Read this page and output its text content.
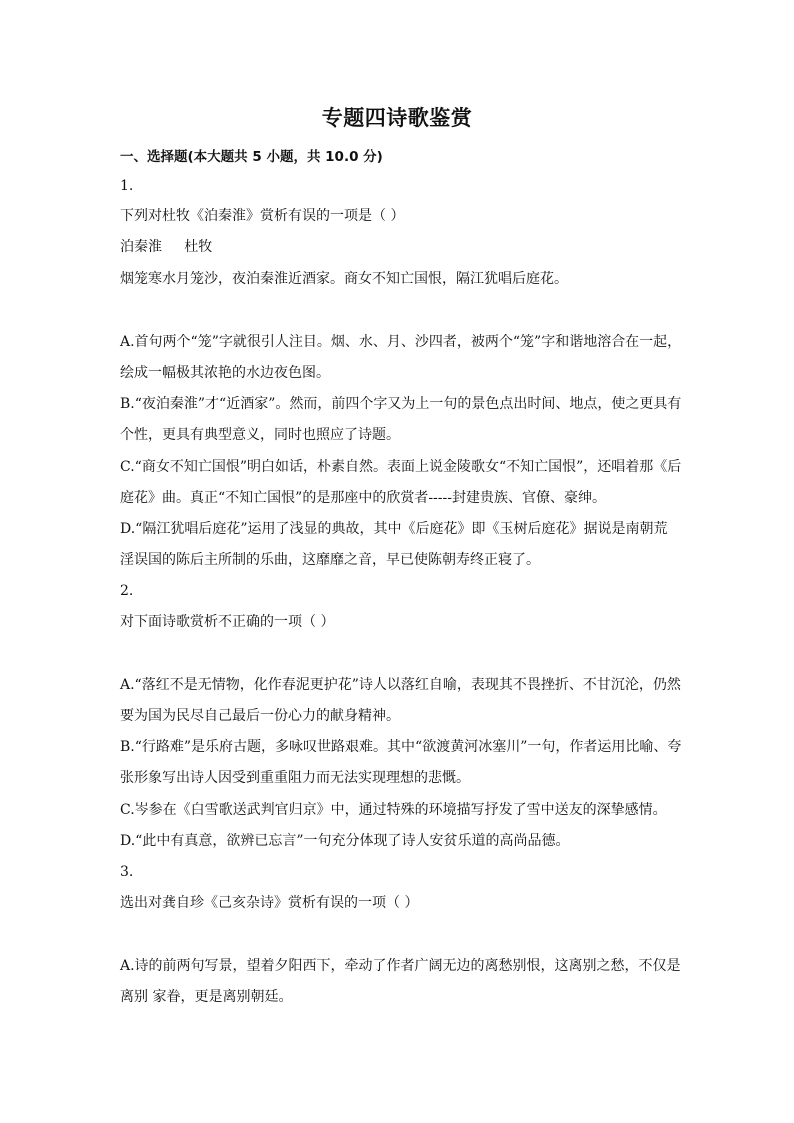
专题四诗歌鉴赏
一、选择题(本大题共 5 小题，共 10.0 分)
1.
下列对杜牧《泊秦淮》赏析有误的一项是（ ）
泊秦淮     杜牧
烟笼寒水月笼沙，夜泊秦淮近酒家。商女不知亡国恨，隔江犹唱后庭花。
A.首句两个“笼”字就很引人注目。烟、水、月、沙四者，被两个“笼”字和谐地溶合在一起，
绘成一幅极其浓艳的水边夜色图。
B.“夜泊秦淮”才“近酒家”。然而，前四个字又为上一句的景色点出时间、地点，使之更具有
个性，更具有典型意义，同时也照应了诗题。
C.“商女不知亡国恨”明白如话，朴素自然。表面上说金陵歌女“不知亡国恨”，还唱着那《后
庭花》曲。真正“不知亡国恨”的是那座中的欣赏者-----封建贵族、官僚、豪绅。
D.“隔江犹唱后庭花”运用了浅显的典故，其中《后庭花》即《玉树后庭花》据说是南朝荒
淫误国的陈后主所制的乐曲，这靡靡之音，早已使陈朝寿终正寝了。
2.
对下面诗歌赏析不正确的一项（ ）
A.“落红不是无情物，化作春泥更护花”诗人以落红自喻，表现其不畏挫折、不甘沉沦，仍然
要为国为民尽自己最后一份心力的献身精神。
B.“行路难”是乐府古题，多咏叹世路艰难。其中“欲渡黄河冰塞川”一句，作者运用比喻、夸
张形象写出诗人因受到重重阻力而无法实现理想的悲慨。
C.岑参在《白雪歌送武判官归京》中，通过特殊的环境描写抒发了雪中送友的深挚感情。
D.“此中有真意，欲辨已忘言”一句充分体现了诗人安贫乐道的高尚品德。
3.
选出对龚自珍《己亥杂诗》赏析有误的一项（ ）
A.诗的前两句写景，望着夕阳西下，牵动了作者广阔无边的离愁别恨，这离别之愁，不仅是
离别 家眷，更是离别朝廷。
